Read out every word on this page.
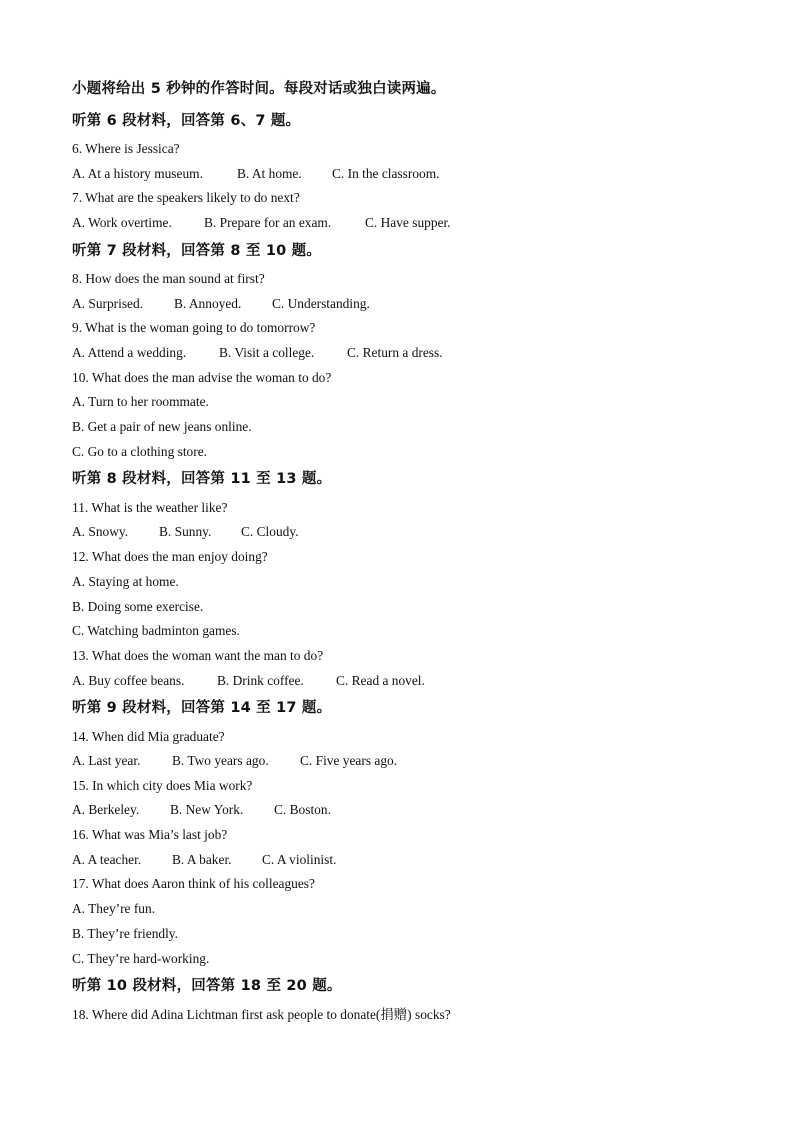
小题将给出 5 秒钟的作答时间。每段对话或独白读两遍。
听第 6 段材料，回答第 6、7 题。
6. Where is Jessica?
A. At a history museum.	B. At home. C. In the classroom.
7. What are the speakers likely to do next?
A. Work overtime. B. Prepare for an exam.	C. Have supper.
听第 7 段材料，回答第 8 至 10 题。
8. How does the man sound at first?
A. Surprised. B. Annoyed. C. Understanding.
9. What is the woman going to do tomorrow?
A. Attend a wedding. B. Visit a college. C. Return a dress.
10. What does the man advise the woman to do?
A. Turn to her roommate.
B. Get a pair of new jeans online.
C. Go to a clothing store.
听第 8 段材料，回答第 11 至 13 题。
11. What is the weather like?
A. Snowy. B. Sunny. C. Cloudy.
12. What does the man enjoy doing?
A. Staying at home.
B. Doing some exercise.
C. Watching badminton games.
13. What does the woman want the man to do?
A. Buy coffee beans. B. Drink coffee. C. Read a novel.
听第 9 段材料，回答第 14 至 17 题。
14. When did Mia graduate?
A. Last year. B. Two years ago. C. Five years ago.
15. In which city does Mia work?
A. Berkeley. B. New York. C. Boston.
16. What was Mia’s last job?
A. A teacher. B. A baker. C. A violinist.
17. What does Aaron think of his colleagues?
A. They’re fun.
B. They’re friendly.
C. They’re hard-working.
听第 10 段材料，回答第 18 至 20 题。
18. Where did Adina Lichtman first ask people to donate(捐赠) socks?
